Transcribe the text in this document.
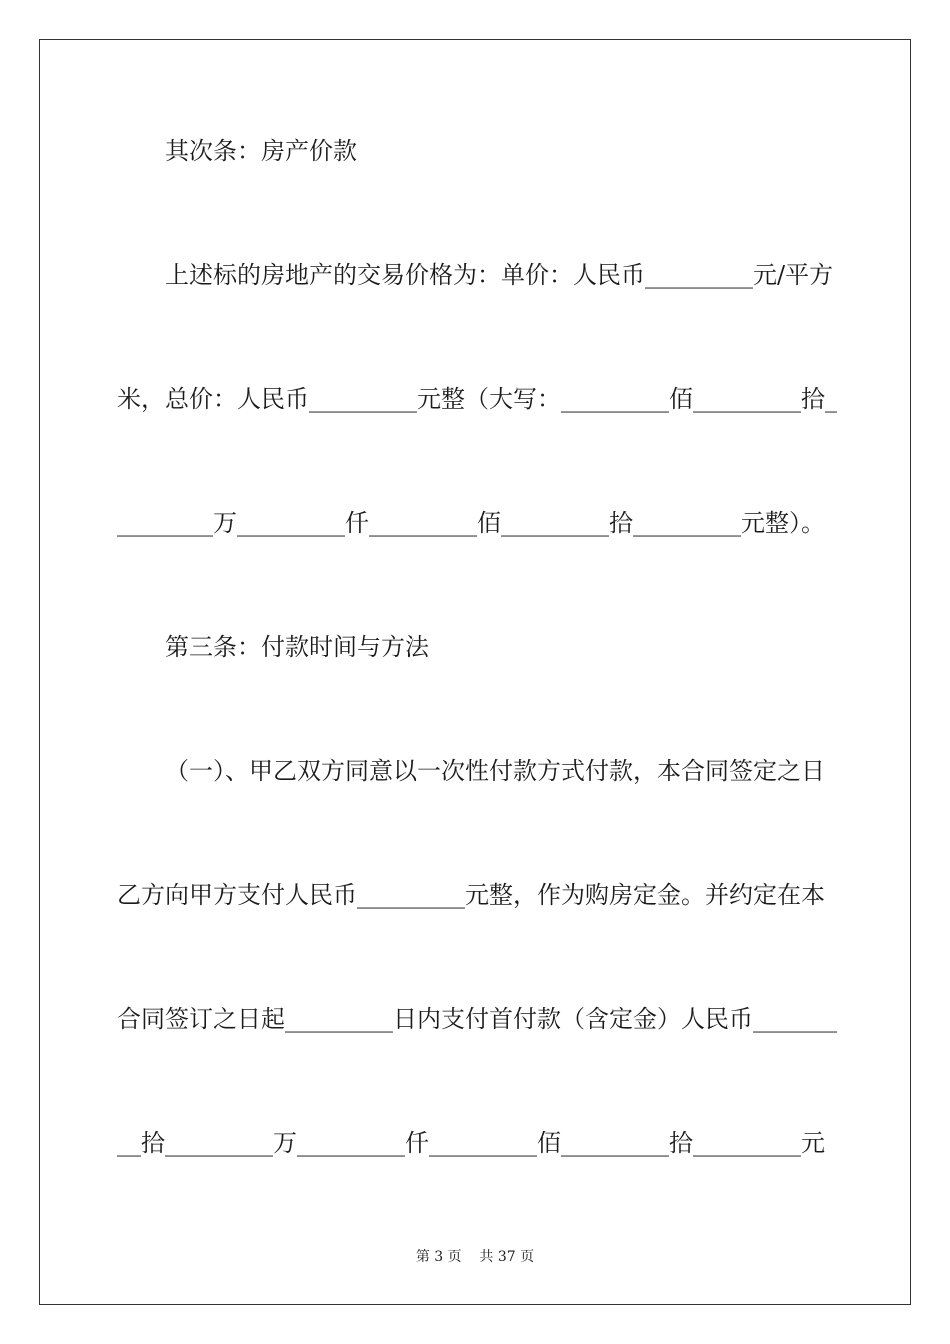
其次条：房产价款
上述标的房地产的交易价格为：单价：人民币_________元/平方
米，总价：人民币_________元整（大写：_________佰_________拾_
________万_________仟_________佰_________拾_________元整）。
第三条：付款时间与方法
（一）、甲乙双方同意以一次性付款方式付款，本合同签定之日
乙方向甲方支付人民币_________元整，作为购房定金。并约定在本
合同签订之日起_________日内支付首付款（含定金）人民币_______
__拾_________万_________仟_________佰_________拾_________元
第 3 页    共 37 页
